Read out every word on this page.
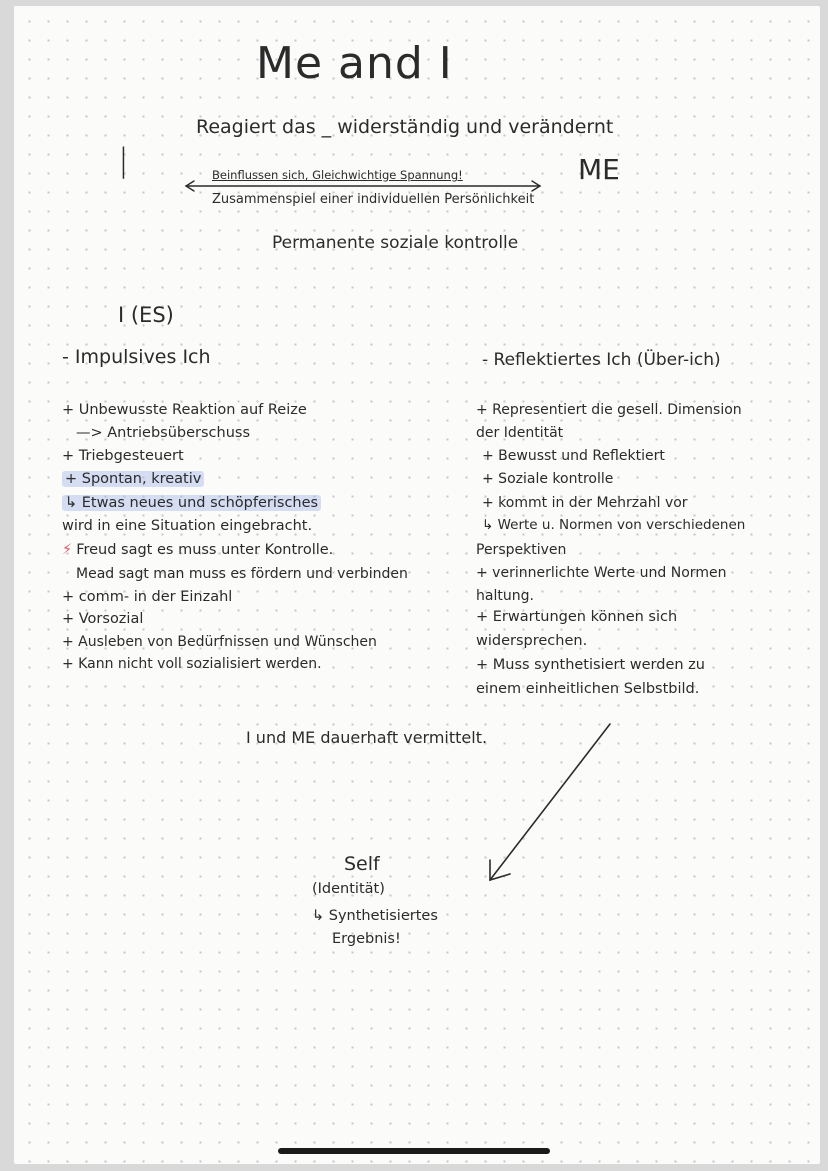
Me and I
Reagiert das _ widerständig und verändernt
|	Beinflussen sich, Gleichwichtige Spannung!	ME
Zusammenspiel einer individuellen Persönlichkeit
Permanente soziale kontrolle
I (ES)
- Impulsives Ich
+ Unbewusste Reaktion auf Reize
—> Antriebsüberschuss
+ Triebgesteuert
+ Spontan, kreativ
↳ Etwas neues und schöpferisches
wird in eine Situation eingebracht.
⚡ Freud sagt es muss unter Kontrolle.
Mead sagt man muss es fördern und verbinden
+ comm- in der Einzahl
+ Vorsozial
+ Ausleben von Bedürfnissen und Wünschen
+ Kann nicht voll sozialisiert werden.
- Reflektiertes Ich (Über-ich)
+ Representiert die gesell. Dimension
der Identität
+ Bewusst und Reflektiert
+ Soziale kontrolle
+ kommt in der Mehrzahl vor
↳ Werte u. Normen von verschiedenen
Perspektiven
+ verinnerlichte Werte und Normen
haltung.
+ Erwartungen können sich
widersprechen.
+ Muss synthetisiert werden zu
einem einheitlichen Selbstbild.
I und ME dauerhaft vermittelt.
Self
(Identität)
↳ Synthetisiertes
Ergebnis!
